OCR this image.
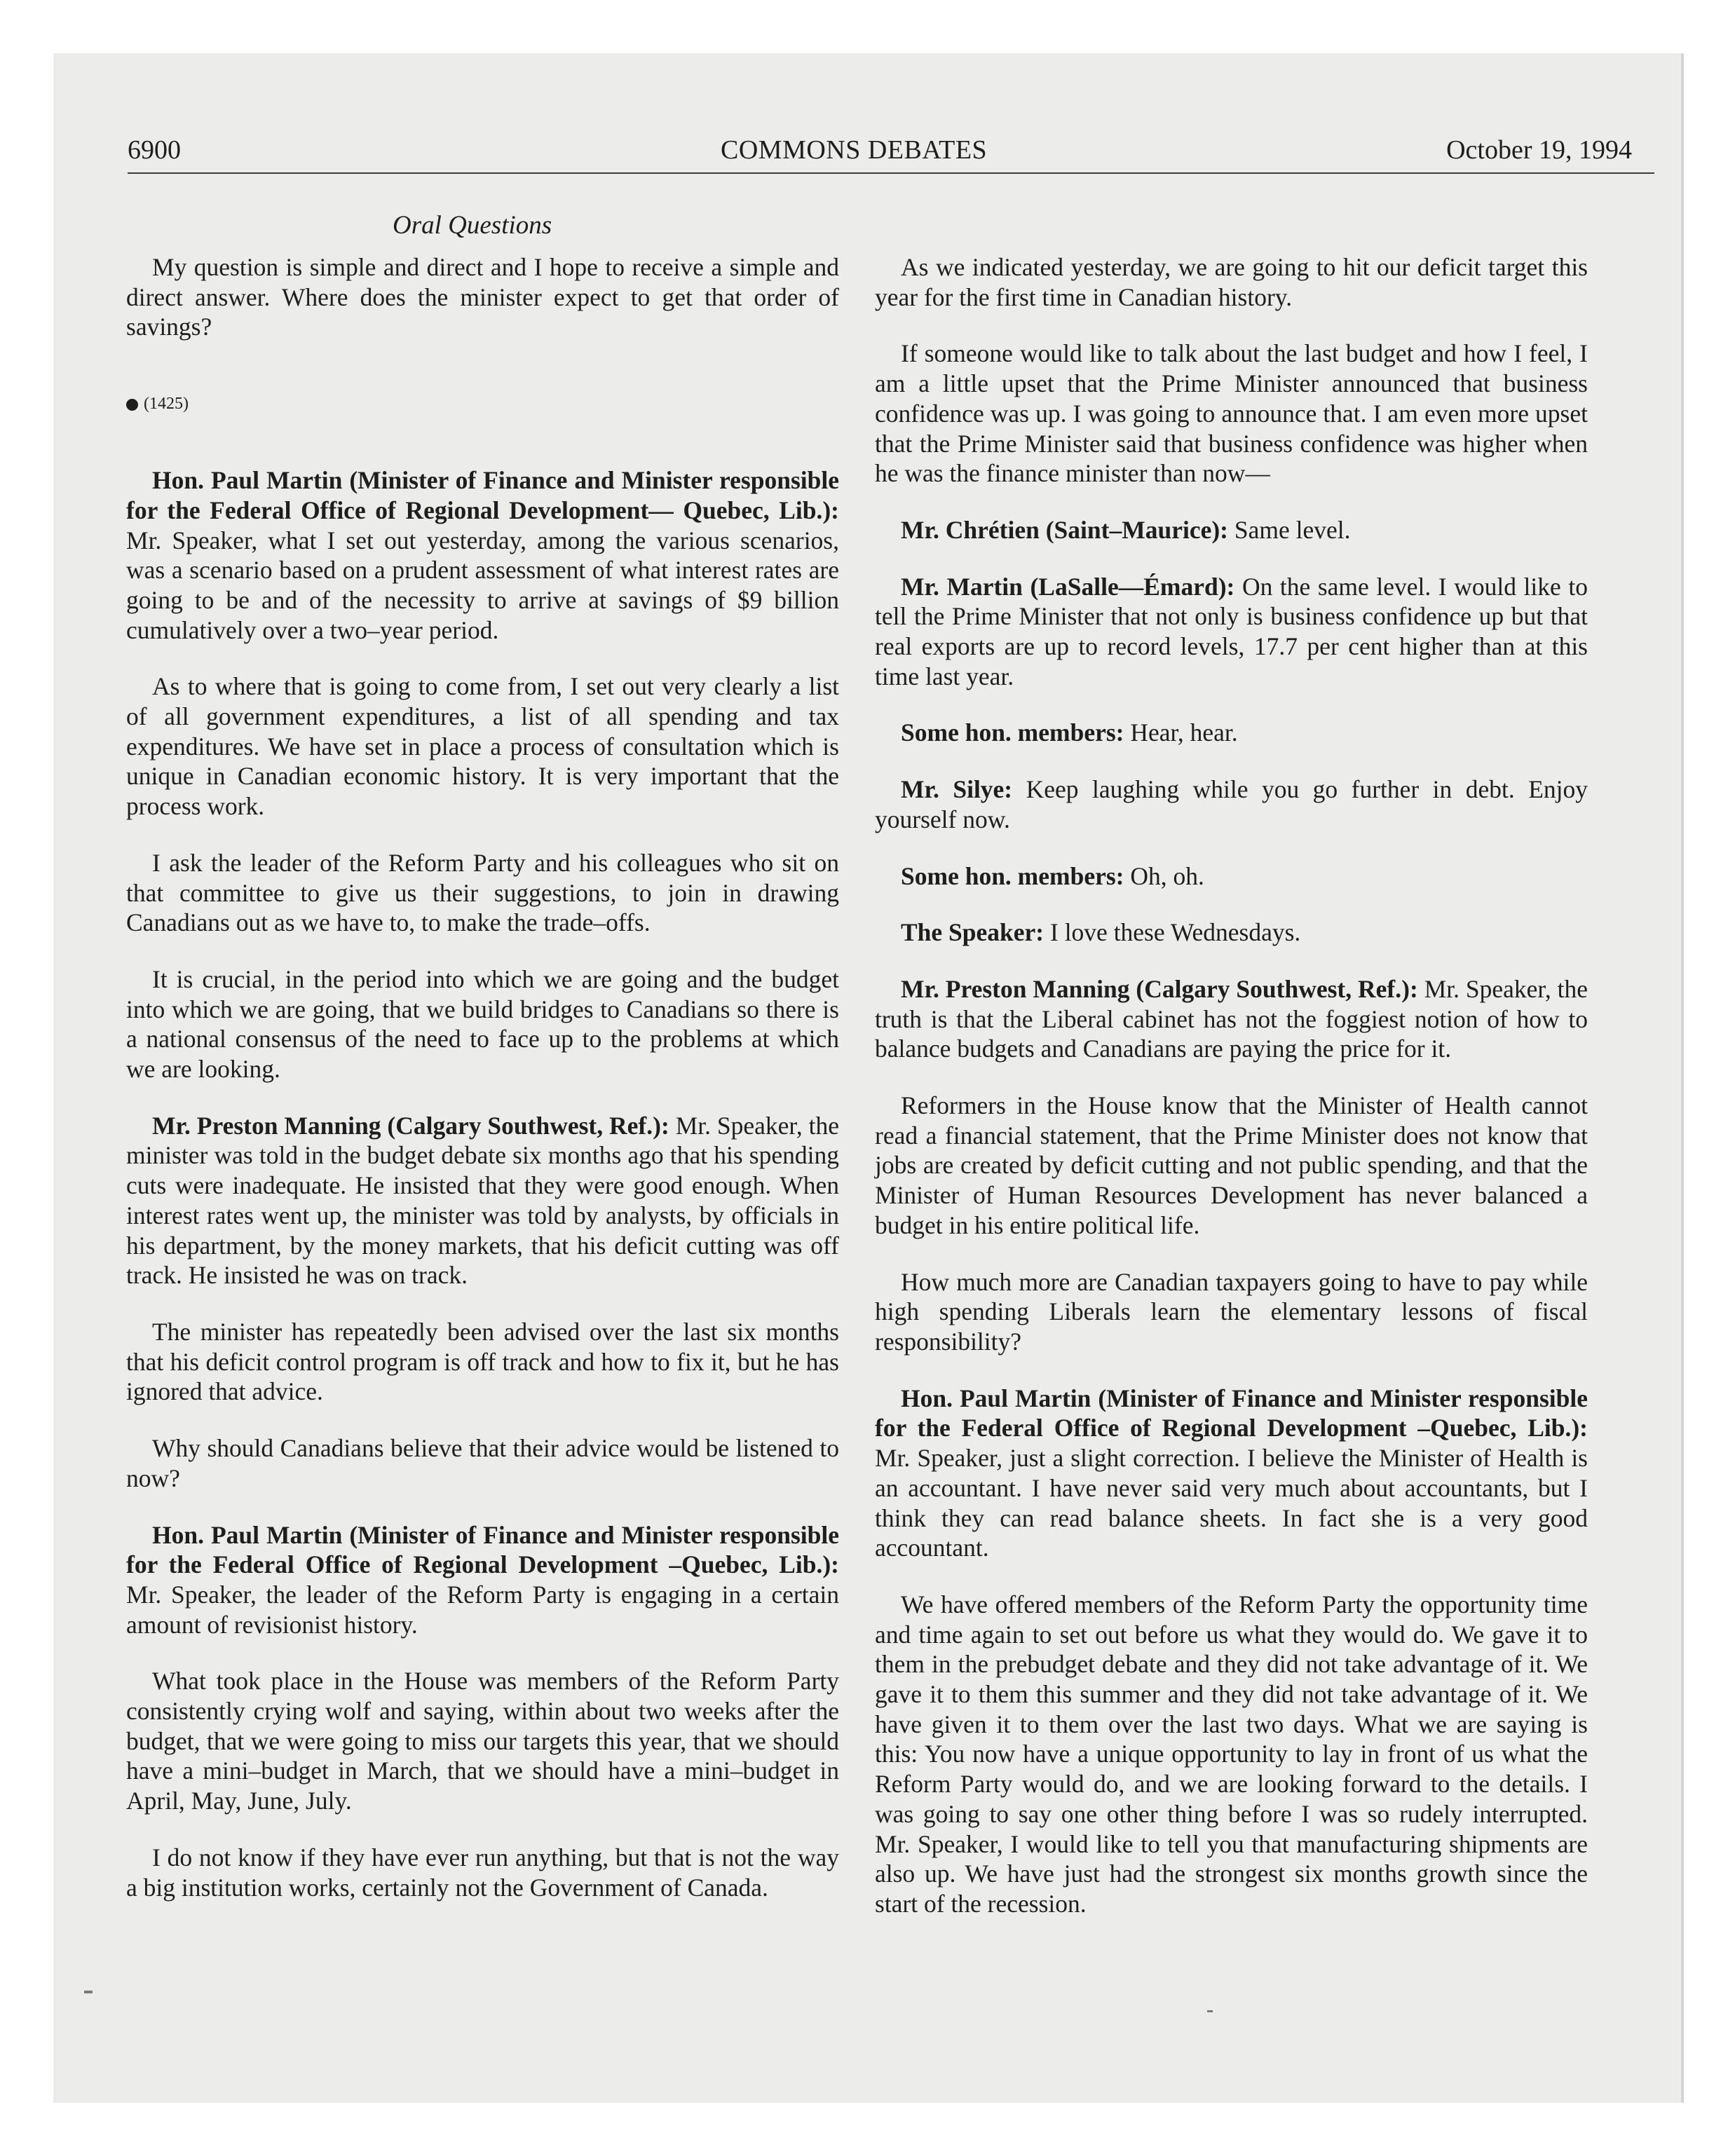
6900	COMMONS DEBATES	October 19, 1994
Oral Questions

My question is simple and direct and I hope to receive a simple and direct answer. Where does the minister expect to get that order of savings?

(1425)

Hon. Paul Martin (Minister of Finance and Minister responsible for the Federal Office of Regional Development— Quebec, Lib.): Mr. Speaker, what I set out yesterday, among the various scenarios, was a scenario based on a prudent assessment of what interest rates are going to be and of the necessity to arrive at savings of $9 billion cumulatively over a two–year period.

As to where that is going to come from, I set out very clearly a list of all government expenditures, a list of all spending and tax expenditures. We have set in place a process of consultation which is unique in Canadian economic history. It is very important that the process work.

I ask the leader of the Reform Party and his colleagues who sit on that committee to give us their suggestions, to join in drawing Canadians out as we have to, to make the trade–offs.

It is crucial, in the period into which we are going and the budget into which we are going, that we build bridges to Canadians so there is a national consensus of the need to face up to the problems at which we are looking.

Mr. Preston Manning (Calgary Southwest, Ref.): Mr. Speaker, the minister was told in the budget debate six months ago that his spending cuts were inadequate. He insisted that they were good enough. When interest rates went up, the minister was told by analysts, by officials in his department, by the money markets, that his deficit cutting was off track. He insisted he was on track.

The minister has repeatedly been advised over the last six months that his deficit control program is off track and how to fix it, but he has ignored that advice.

Why should Canadians believe that their advice would be listened to now?

Hon. Paul Martin (Minister of Finance and Minister responsible for the Federal Office of Regional Development –Quebec, Lib.): Mr. Speaker, the leader of the Reform Party is engaging in a certain amount of revisionist history.

What took place in the House was members of the Reform Party consistently crying wolf and saying, within about two weeks after the budget, that we were going to miss our targets this year, that we should have a mini–budget in March, that we should have a mini–budget in April, May, June, July.

I do not know if they have ever run anything, but that is not the way a big institution works, certainly not the Government of Canada.

As we indicated yesterday, we are going to hit our deficit target this year for the first time in Canadian history.

If someone would like to talk about the last budget and how I feel, I am a little upset that the Prime Minister announced that business confidence was up. I was going to announce that. I am even more upset that the Prime Minister said that business confidence was higher when he was the finance minister than now—

Mr. Chrétien (Saint–Maurice): Same level.

Mr. Martin (LaSalle—Émard): On the same level. I would like to tell the Prime Minister that not only is business confidence up but that real exports are up to record levels, 17.7 per cent higher than at this time last year.

Some hon. members: Hear, hear.

Mr. Silye: Keep laughing while you go further in debt. Enjoy yourself now.

Some hon. members: Oh, oh.

The Speaker: I love these Wednesdays.

Mr. Preston Manning (Calgary Southwest, Ref.): Mr. Speaker, the truth is that the Liberal cabinet has not the foggiest notion of how to balance budgets and Canadians are paying the price for it.

Reformers in the House know that the Minister of Health cannot read a financial statement, that the Prime Minister does not know that jobs are created by deficit cutting and not public spending, and that the Minister of Human Resources Development has never balanced a budget in his entire political life.

How much more are Canadian taxpayers going to have to pay while high spending Liberals learn the elementary lessons of fiscal responsibility?

Hon. Paul Martin (Minister of Finance and Minister responsible for the Federal Office of Regional Development –Quebec, Lib.): Mr. Speaker, just a slight correction. I believe the Minister of Health is an accountant. I have never said very much about accountants, but I think they can read balance sheets. In fact she is a very good accountant.

We have offered members of the Reform Party the opportunity time and time again to set out before us what they would do. We gave it to them in the prebudget debate and they did not take advantage of it. We gave it to them this summer and they did not take advantage of it. We have given it to them over the last two days. What we are saying is this: You now have a unique opportunity to lay in front of us what the Reform Party would do, and we are looking forward to the details. I was going to say one other thing before I was so rudely interrupted. Mr. Speaker, I would like to tell you that manufacturing shipments are also up. We have just had the strongest six months growth since the start of the recession.
